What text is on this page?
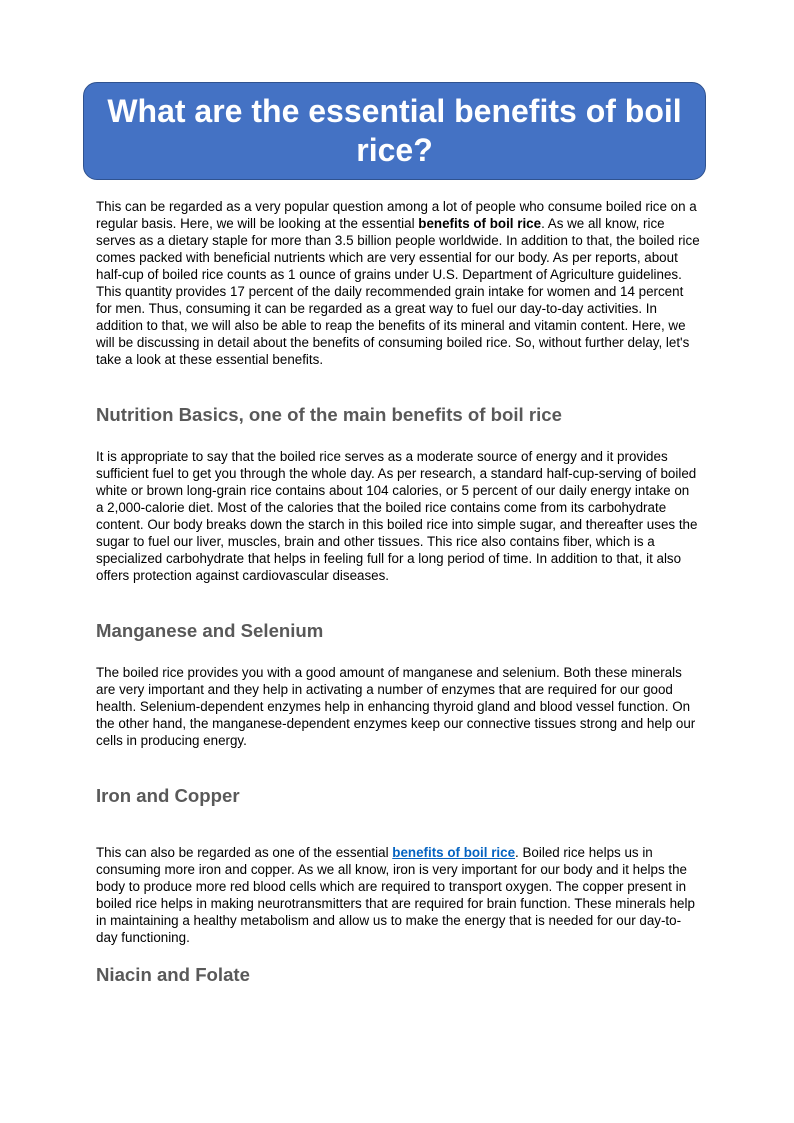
What are the essential benefits of boil rice?

This can be regarded as a very popular question among a lot of people who consume boiled rice on a regular basis. Here, we will be looking at the essential benefits of boil rice. As we all know, rice serves as a dietary staple for more than 3.5 billion people worldwide. In addition to that, the boiled rice comes packed with beneficial nutrients which are very essential for our body. As per reports, about half-cup of boiled rice counts as 1 ounce of grains under U.S. Department of Agriculture guidelines. This quantity provides 17 percent of the daily recommended grain intake for women and 14 percent for men. Thus, consuming it can be regarded as a great way to fuel our day-to-day activities. In addition to that, we will also be able to reap the benefits of its mineral and vitamin content. Here, we will be discussing in detail about the benefits of consuming boiled rice. So, without further delay, let's take a look at these essential benefits.

Nutrition Basics, one of the main benefits of boil rice

It is appropriate to say that the boiled rice serves as a moderate source of energy and it provides sufficient fuel to get you through the whole day. As per research, a standard half-cup-serving of boiled white or brown long-grain rice contains about 104 calories, or 5 percent of our daily energy intake on a 2,000-calorie diet. Most of the calories that the boiled rice contains come from its carbohydrate content. Our body breaks down the starch in this boiled rice into simple sugar, and thereafter uses the sugar to fuel our liver, muscles, brain and other tissues. This rice also contains fiber, which is a specialized carbohydrate that helps in feeling full for a long period of time. In addition to that, it also offers protection against cardiovascular diseases.

Manganese and Selenium

The boiled rice provides you with a good amount of manganese and selenium. Both these minerals are very important and they help in activating a number of enzymes that are required for our good health. Selenium-dependent enzymes help in enhancing thyroid gland and blood vessel function. On the other hand, the manganese-dependent enzymes keep our connective tissues strong and help our cells in producing energy.

Iron and Copper

This can also be regarded as one of the essential benefits of boil rice. Boiled rice helps us in consuming more iron and copper. As we all know, iron is very important for our body and it helps the body to produce more red blood cells which are required to transport oxygen. The copper present in boiled rice helps in making neurotransmitters that are required for brain function. These minerals help in maintaining a healthy metabolism and allow us to make the energy that is needed for our day-to-day functioning.

Niacin and Folate
